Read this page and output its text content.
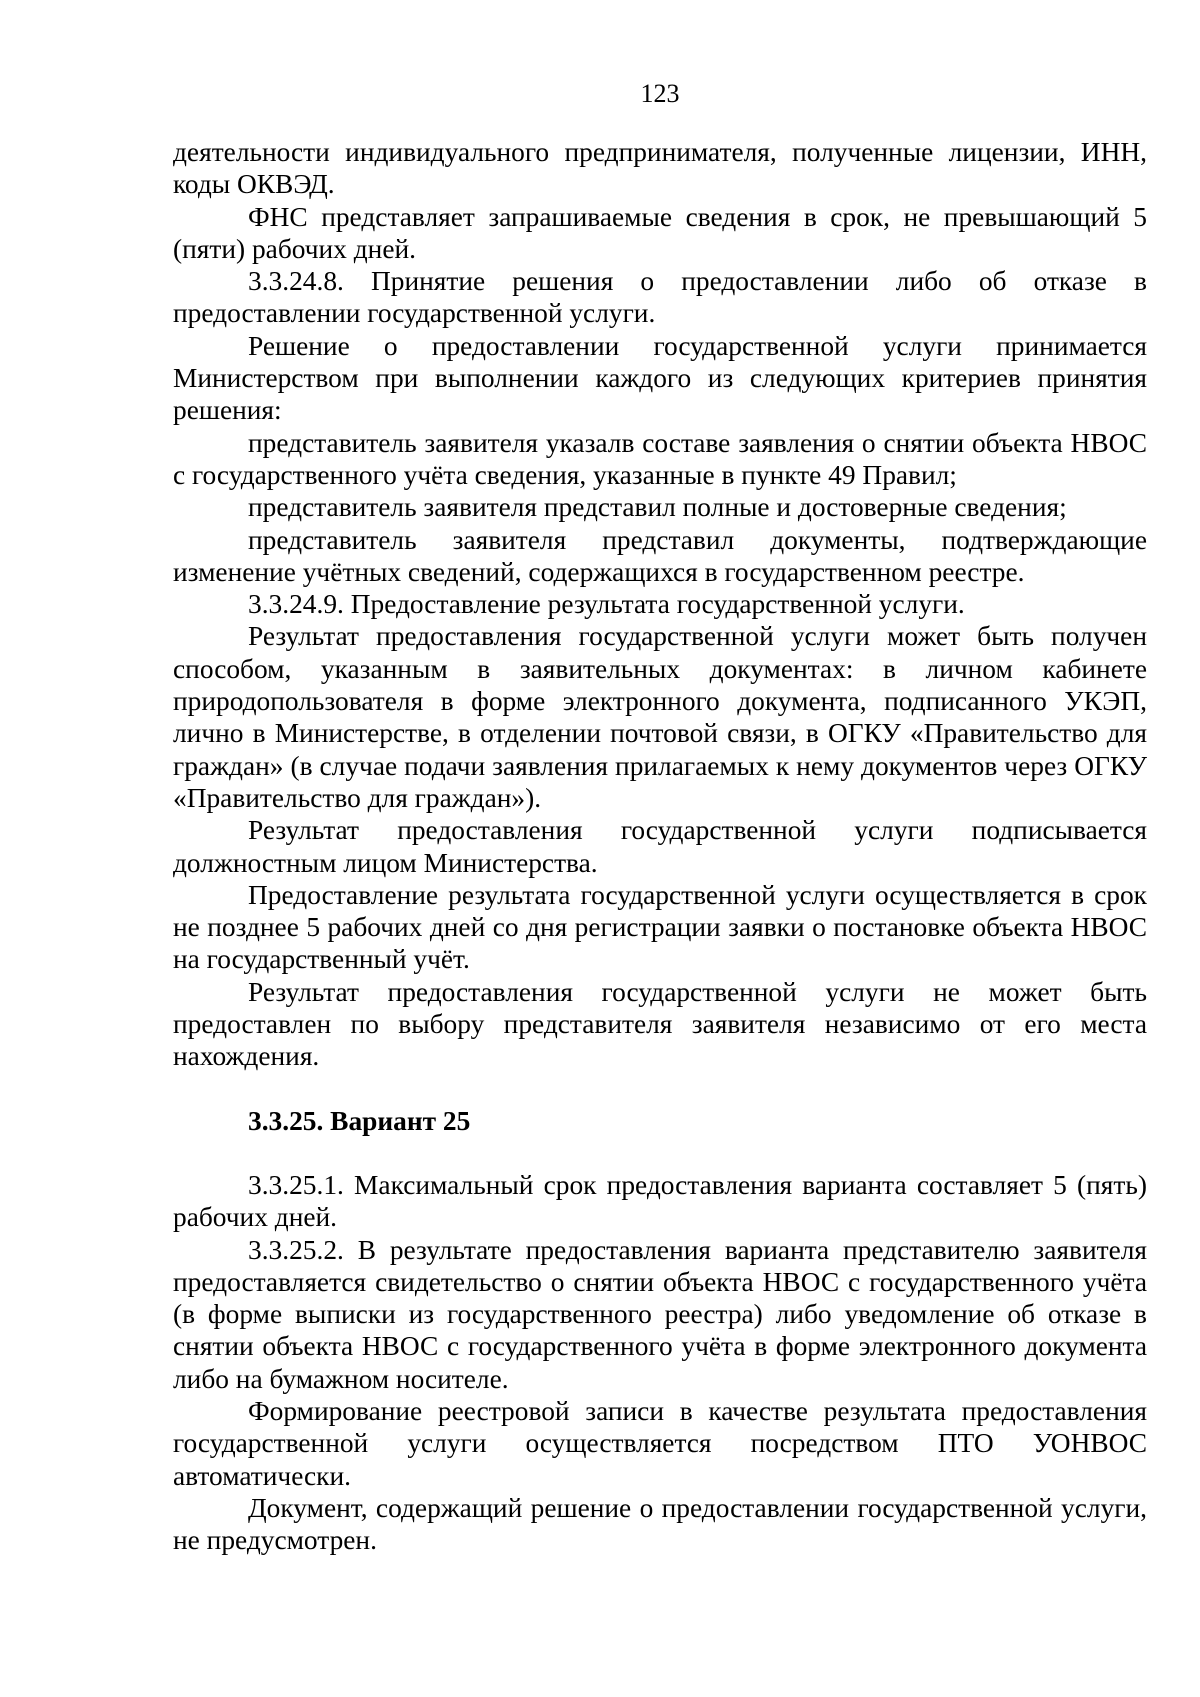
123

деятельности индивидуального предпринимателя, полученные лицензии, ИНН, коды ОКВЭД.

ФНС представляет запрашиваемые сведения в срок, не превышающий 5 (пяти) рабочих дней.

3.3.24.8. Принятие решения о предоставлении либо об отказе в предоставлении государственной услуги.

Решение о предоставлении государственной услуги принимается Министерством при выполнении каждого из следующих критериев принятия решения:

представитель заявителя указалв составе заявления о снятии объекта НВОС с государственного учёта сведения, указанные в пункте 49 Правил;

представитель заявителя представил полные и достоверные сведения;

представитель заявителя представил документы, подтверждающие изменение учётных сведений, содержащихся в государственном реестре.

3.3.24.9. Предоставление результата государственной услуги.

Результат предоставления государственной услуги может быть получен способом, указанным в заявительных документах: в личном кабинете природопользователя в форме электронного документа, подписанного УКЭП, лично в Министерстве, в отделении почтовой связи, в ОГКУ «Правительство для граждан» (в случае подачи заявления прилагаемых к нему документов через ОГКУ «Правительство для граждан»).

Результат предоставления государственной услуги подписывается должностным лицом Министерства.

Предоставление результата государственной услуги осуществляется в срок не позднее 5 рабочих дней со дня регистрации заявки о постановке объекта НВОС на государственный учёт.

Результат предоставления государственной услуги не может быть предоставлен по выбору представителя заявителя независимо от его места нахождения.

3.3.25. Вариант 25

3.3.25.1. Максимальный срок предоставления варианта составляет 5 (пять) рабочих дней.

3.3.25.2. В результате предоставления варианта представителю заявителя предоставляется свидетельство о снятии объекта НВОС с государственного учёта (в форме выписки из государственного реестра) либо уведомление об отказе в снятии объекта НВОС с государственного учёта в форме электронного документа либо на бумажном носителе.

Формирование реестровой записи в качестве результата предоставления государственной услуги осуществляется посредством ПТО УОНВОС автоматически.

Документ, содержащий решение о предоставлении государственной услуги, не предусмотрен.
